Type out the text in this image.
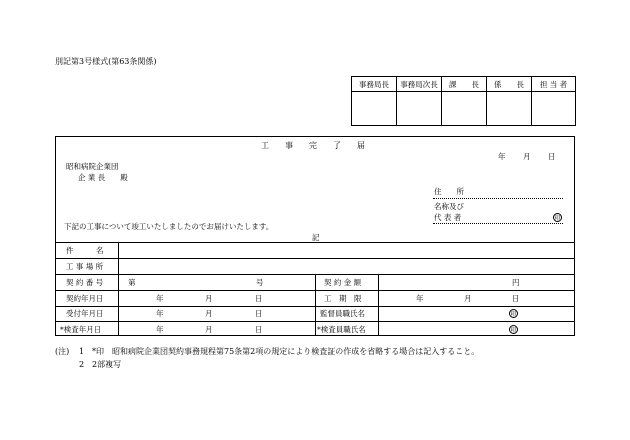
別記第3号様式(第63条関係)
事務局長	事務局次長	課　　長	係　　長	担 当 者
工　　事　　完　　了　　届
年 月 日
昭和病院企業団
企 業 長　　殿
住　　所
名称及び
代 表 者	印
下記の工事について竣工いたしましたのでお届けいたします。
記
件　　　名
工 事 場 所
契 約 番 号	第	号	契 約 金 額	円
契約年月日	年	月	日	工　期　限	年	月	日
受付年月日	年	月	日	監督員職氏名	印
*検査年月日	年	月	日	*検査員職氏名	印
(注) 1 *印　昭和病院企業団契約事務規程第75条第2項の規定により検査証の作成を省略する場合は記入すること。
2 2部複写
